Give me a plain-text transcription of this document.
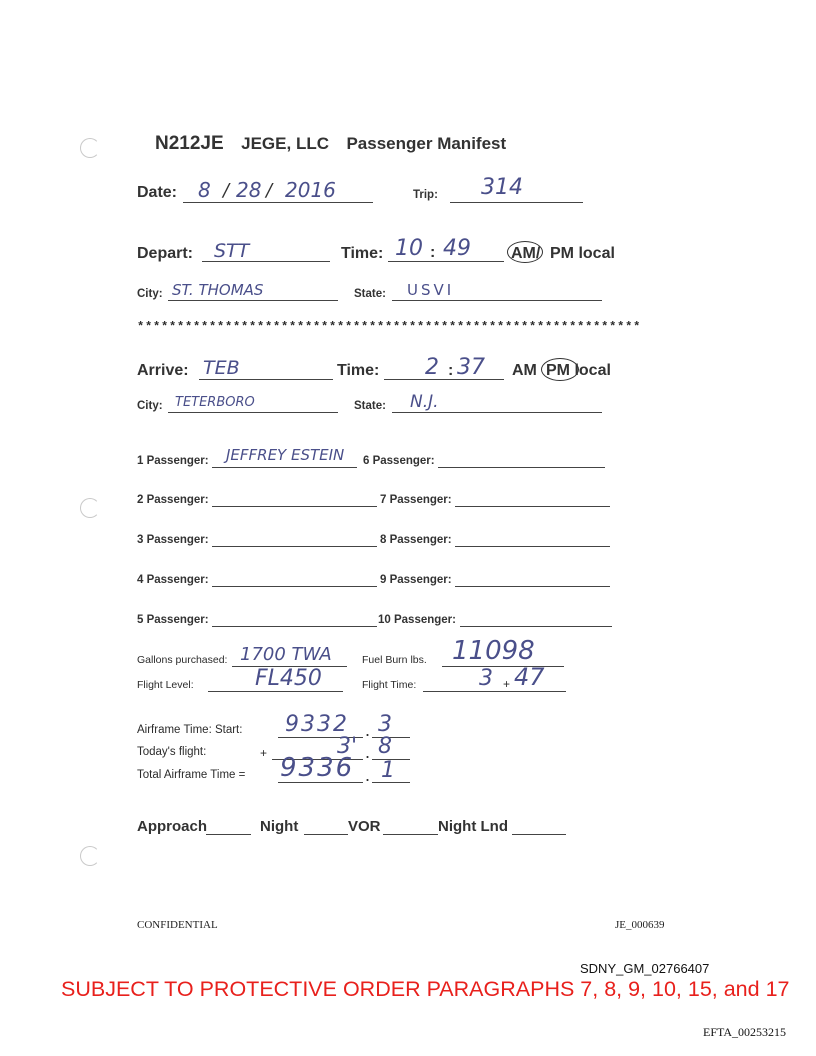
N212JE JEGE, LLC Passenger Manifest
Date: 8 / 28 / 2016	Trip: 314
Depart: STT	Time: 10 : 49	AM/ PM local
City: ST. THOMAS	State: USVI
***************************************************************
Arrive: TEB	Time: 2 : 37 AM PM local
City: TETERBORO	State: N.J.
1 Passenger: JEFFREY ESTEIN 6 Passenger:
2 Passenger:	7 Passenger:
3 Passenger:	8 Passenger:
4 Passenger:	9 Passenger:
5 Passenger:	10 Passenger:
Gallons purchased: 1700 TWA	Fuel Burn lbs. 11098
Flight Level:	FL450	Flight Time:	3 + 47
Airframe Time: Start: 9332 . 3
Today's flight:	+	3' . 8
Total Airframe Time = 9336 . 1
Approach	Night	VOR	Night Lnd
CONFIDENTIAL	JE_000639
SDNY_GM_02766407
SUBJECT TO PROTECTIVE ORDER PARAGRAPHS 7, 8, 9, 10, 15, and 17
EFTA_00253215
